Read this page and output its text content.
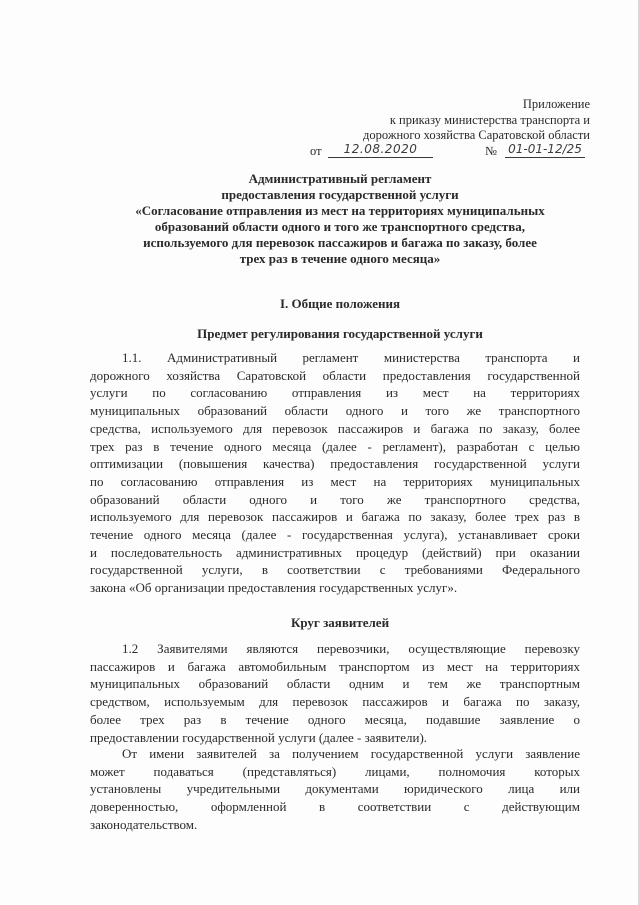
Приложение
к приказу министерства транспорта и
дорожного хозяйства Саратовской области
от	12.08.2020	№ 01-01-12/25
Административный регламент
предоставления государственной услуги
«Согласование отправления из мест на территориях муниципальных
образований области одного и того же транспортного средства,
используемого для перевозок пассажиров и багажа по заказу, более
трех раз в течение одного месяца»
I. Общие положения
Предмет регулирования государственной услуги
1.1. Административный регламент министерства транспорта и
дорожного хозяйства Саратовской области предоставления государственной
услуги по согласованию отправления из мест на территориях
муниципальных образований области одного и того же транспортного
средства, используемого для перевозок пассажиров и багажа по заказу, более
трех раз в течение одного месяца (далее - регламент), разработан с целью
оптимизации (повышения качества) предоставления государственной услуги
по согласованию отправления из мест на территориях муниципальных
образований области одного и того же транспортного средства,
используемого для перевозок пассажиров и багажа по заказу, более трех раз в
течение одного месяца (далее - государственная услуга), устанавливает сроки
и последовательность административных процедур (действий) при оказании
государственной услуги, в соответствии с требованиями Федерального
закона «Об организации предоставления государственных услуг».
Круг заявителей
1.2 Заявителями являются перевозчики, осуществляющие перевозку
пассажиров и багажа автомобильным транспортом из мест на территориях
муниципальных образований области одним и тем же транспортным
средством, используемым для перевозок пассажиров и багажа по заказу,
более трех раз в течение одного месяца, подавшие заявление о
предоставлении государственной услуги (далее - заявители).
От имени заявителей за получением государственной услуги заявление
может подаваться (представляться) лицами, полномочия которых
установлены учредительными документами юридического лица или
доверенностью, оформленной в соответствии с действующим
законодательством.
